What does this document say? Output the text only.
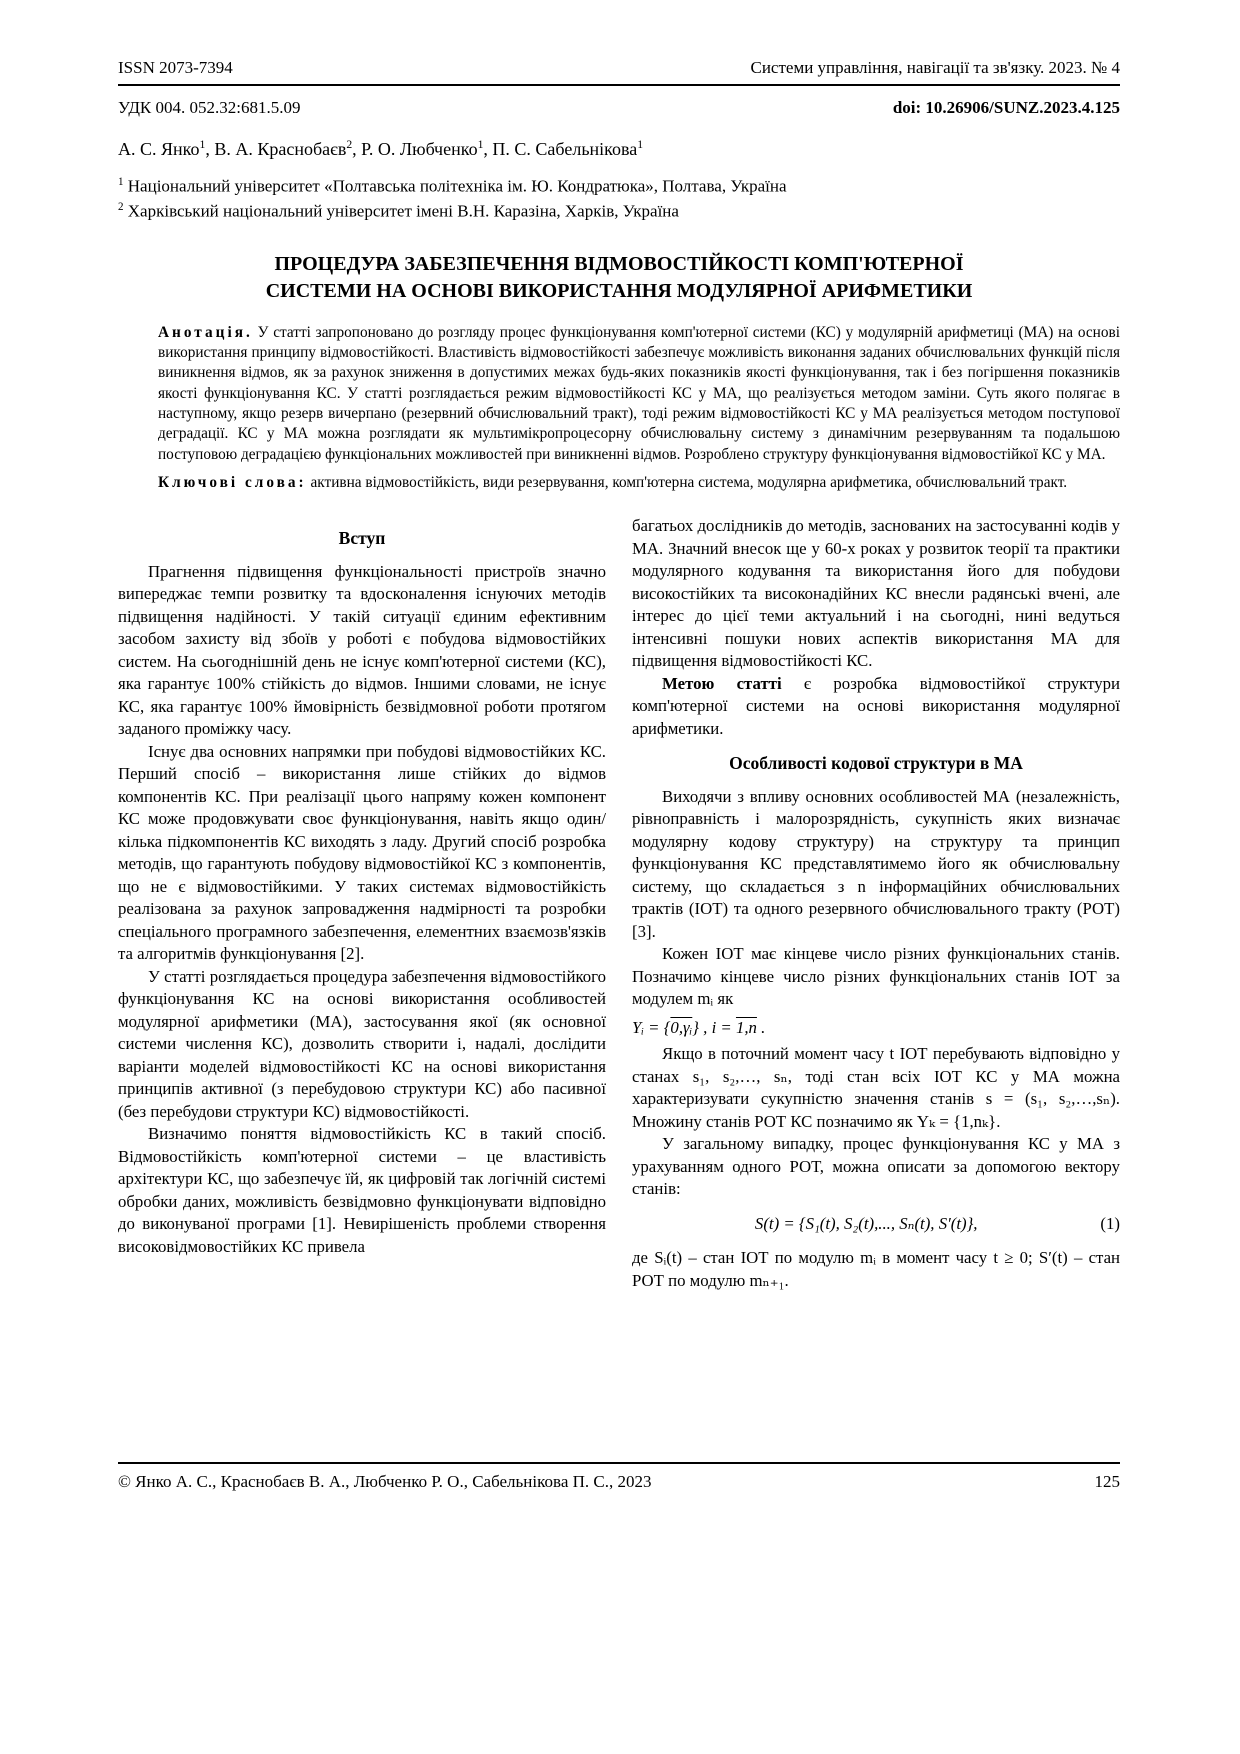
ISSN 2073-7394	Системи управління, навігації та зв'язку. 2023. № 4
УДК 004. 052.32:681.5.09	doi: 10.26906/SUNZ.2023.4.125
А. С. Янко$^1$, В. А. Краснобаєв$^2$, Р. О. Любченко$^1$, П. С. Сабельнікова$^1$
$^1$ Національний університет «Полтавська політехніка ім. Ю. Кондратюка», Полтава, Україна
$^2$ Харківський національний університет імені В.Н. Каразіна, Харків, Україна
ПРОЦЕДУРА ЗАБЕЗПЕЧЕННЯ ВІДМОВОСТІЙКОСТІ КОМП'ЮТЕРНОЇ СИСТЕМИ НА ОСНОВІ ВИКОРИСТАННЯ МОДУЛЯРНОЇ АРИФМЕТИКИ

Анотація. У статті запропоновано до розгляду процес функціонування комп'ютерної системи (КС) у модулярній арифметиці (МА) на основі використання принципу відмовостійкості. Властивість відмовостійкості забезпечує можливість виконання заданих обчислювальних функцій після виникнення відмов, як за рахунок зниження в допустимих межах будь-яких показників якості функціонування, так і без погіршення показників якості функціонування КС. У статті розглядається режим відмовостійкості КС у МА, що реалізується методом заміни. Суть якого полягає в наступному, якщо резерв вичерпано (резервний обчислювальний тракт), тоді режим відмовостійкості КС у МА реалізується методом поступової деградації. КС у МА можна розглядати як мультимікропроцесорну обчислювальну систему з динамічним резервуванням та подальшою поступовою деградацією функціональних можливостей при виникненні відмов. Розроблено структуру функціонування відмовостійкої КС у МА.

Ключові слова: активна відмовостійкість, види резервування, комп'ютерна система, модулярна арифметика, обчислювальний тракт.

Вступ

Прагнення підвищення функціональності пристроїв значно випереджає темпи розвитку та вдосконалення існуючих методів підвищення надійності. У такій ситуації єдиним ефективним засобом захисту від збоїв у роботі є побудова відмовостійких систем. На сьогоднішній день не існує комп'ютерної системи (КС), яка гарантує 100% стійкість до відмов. Іншими словами, не існує КС, яка гарантує 100% ймовірність безвідмовної роботи протягом заданого проміжку часу.

Існує два основних напрямки при побудові відмовостійких КС. Перший спосіб – використання лише стійких до відмов компонентів КС. При реалізації цього напряму кожен компонент КС може продовжувати своє функціонування, навіть якщо один/кілька підкомпонентів КС виходять з ладу. Другий спосіб розробка методів, що гарантують побудову відмовостійкої КС з компонентів, що не є відмовостійкими. У таких системах відмовостійкість реалізована за рахунок запровадження надмірності та розробки спеціального програмного забезпечення, елементних взаємозв'язків та алгоритмів функціонування [2].

У статті розглядається процедура забезпечення відмовостійкого функціонування КС на основі використання особливостей модулярної арифметики (МА), застосування якої (як основної системи числення КС), дозволить створити і, надалі, дослідити варіанти моделей відмовостійкості КС на основі використання принципів активної (з перебудовою структури КС) або пасивної (без перебудови структури КС) відмовостійкості.

Визначимо поняття відмовостійкість КС в такий спосіб. Відмовостійкість комп'ютерної системи – це властивість архітектури КС, що забезпечує їй, як цифровій так логічній системі обробки даних, можливість безвідмовно функціонувати відповідно до виконуваної програми [1]. Невирішеність проблеми створення високовідмовостійких КС привела

багатьох дослідників до методів, заснованих на застосуванні кодів у МА. Значний внесок ще у 60-х роках у розвиток теорії та практики модулярного кодування та використання його для побудови високостійких та високонадійних КС внесли радянські вчені, але інтерес до цієї теми актуальний і на сьогодні, нині ведуться інтенсивні пошуки нових аспектів використання МА для підвищення відмовостійкості КС.

Метою статті є розробка відмовостійкої структури комп'ютерної системи на основі використання модулярної арифметики.

Особливості кодової структури в МА

Виходячи з впливу основних особливостей МА (незалежність, рівноправність і малорозрядність, сукупність яких визначає модулярну кодову структуру) на структуру та принцип функціонування КС представлятимемо його як обчислювальну систему, що складається з n інформаційних обчислювальних трактів (ІОТ) та одного резервного обчислювального тракту (РОТ) [3].

Кожен ІОТ має кінцеве число різних функціональних станів. Позначимо кінцеве число різних функціональних станів ІОТ за модулем mᵢ як

Υᵢ = {0,γᵢ} , i = 1,n .

Якщо в поточний момент часу t ІОТ перебувають відповідно у станах s₁, s₂,…, sₙ, тоді стан всіх ІОТ КС у МА можна характеризувати сукупністю значення станів s = (s₁, s₂,…,sₙ). Множину станів РОТ КС позначимо як Υₖ = {1,nₖ}.

У загальному випадку, процес функціонування КС у МА з урахуванням одного РОТ, можна описати за допомогою вектору станів:

S(t) = {S₁(t), S₂(t),..., Sₙ(t), S′(t)},	(1)

де Sᵢ(t) – стан ІОТ по модулю mᵢ в момент часу t ≥ 0; S′(t) – стан РОТ по модулю mₙ₊₁.

© Янко А. С., Краснобаєв В. А., Любченко Р. О., Сабельнікова П. С., 2023	125
